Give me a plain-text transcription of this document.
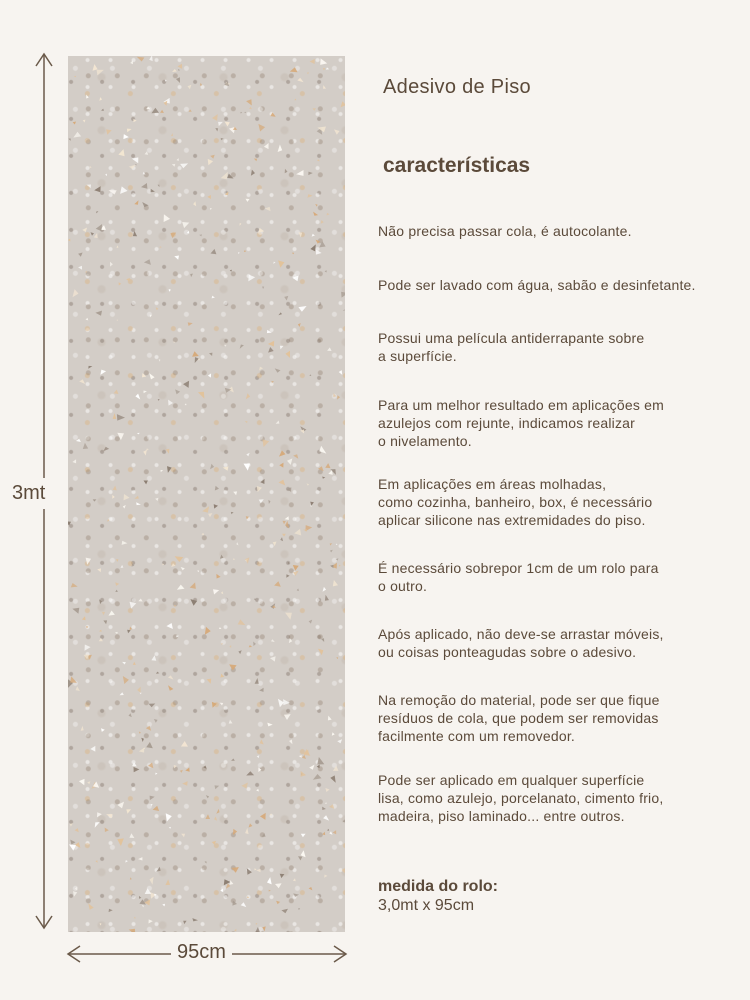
3mt
95cm
Adesivo de Piso
características
Não precisa passar cola, é autocolante.
Pode ser lavado com água, sabão e desinfetante.
Possui uma película antiderrapante sobre
a superfície.
Para um melhor resultado em aplicações em
azulejos com rejunte, indicamos realizar
o nivelamento.
Em aplicações em áreas molhadas,
como cozinha, banheiro, box, é necessário
aplicar silicone nas extremidades do piso.
É necessário sobrepor 1cm de um rolo para
o outro.
Após aplicado, não deve-se arrastar móveis,
ou coisas ponteagudas sobre o adesivo.
Na remoção do material, pode ser que fique
resíduos de cola, que podem ser removidas
facilmente com um removedor.
Pode ser aplicado em qualquer superfície
lisa, como azulejo, porcelanato, cimento frio,
madeira, piso laminado... entre outros.
medida do rolo:
3,0mt x 95cm
